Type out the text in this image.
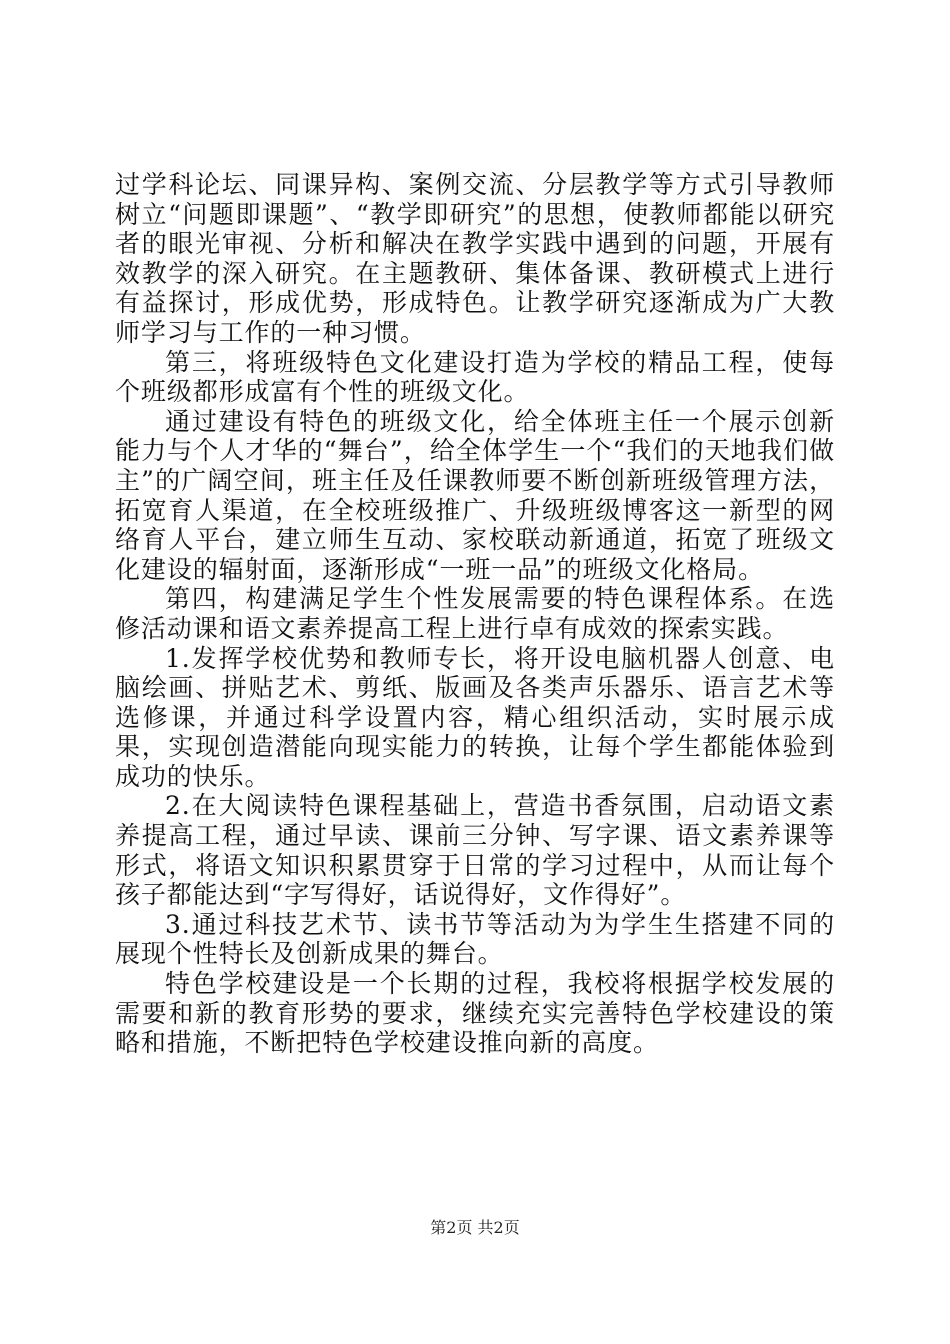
过学科论坛、同课异构、案例交流、分层教学等方式引导教师树立“问题即课题”、“教学即研究”的思想，使教师都能以研究者的眼光审视、分析和解决在教学实践中遇到的问题，开展有效教学的深入研究。在主题教研、集体备课、教研模式上进行有益探讨，形成优势，形成特色。让教学研究逐渐成为广大教师学习与工作的一种习惯。

第三，将班级特色文化建设打造为学校的精品工程，使每个班级都形成富有个性的班级文化。

通过建设有特色的班级文化，给全体班主任一个展示创新能力与个人才华的“舞台”，给全体学生一个“我们的天地我们做主”的广阔空间，班主任及任课教师要不断创新班级管理方法，拓宽育人渠道，在全校班级推广、升级班级博客这一新型的网络育人平台，建立师生互动、家校联动新通道，拓宽了班级文化建设的辐射面，逐渐形成“一班一品”的班级文化格局。

第四，构建满足学生个性发展需要的特色课程体系。在选修活动课和语文素养提高工程上进行卓有成效的探索实践。

1.发挥学校优势和教师专长，将开设电脑机器人创意、电脑绘画、拼贴艺术、剪纸、版画及各类声乐器乐、语言艺术等选修课，并通过科学设置内容，精心组织活动，实时展示成果，实现创造潜能向现实能力的转换，让每个学生都能体验到成功的快乐。

2.在大阅读特色课程基础上，营造书香氛围，启动语文素养提高工程，通过早读、课前三分钟、写字课、语文素养课等形式，将语文知识积累贯穿于日常的学习过程中，从而让每个孩子都能达到“字写得好，话说得好，文作得好”。

3.通过科技艺术节、读书节等活动为为学生生搭建不同的展现个性特长及创新成果的舞台。

特色学校建设是一个长期的过程，我校将根据学校发展的需要和新的教育形势的要求，继续充实完善特色学校建设的策略和措施，不断把特色学校建设推向新的高度。

第2页 共2页
